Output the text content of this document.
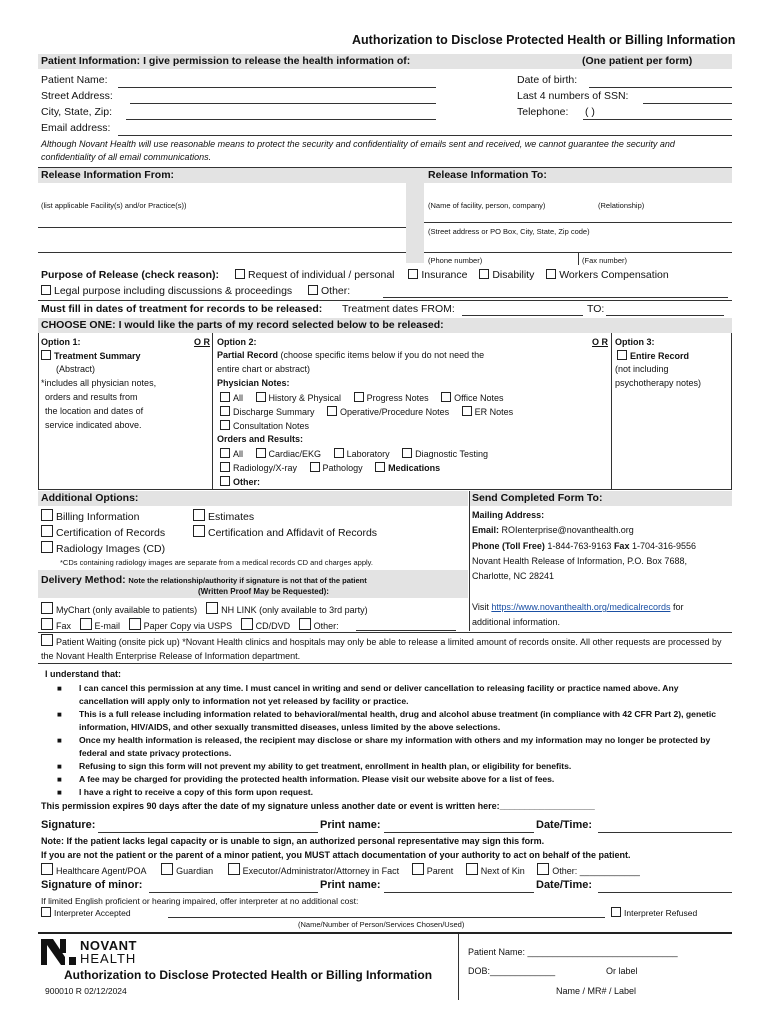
Authorization to Disclose Protected Health or Billing Information
Patient Information: I give permission to release the health information of:	(One patient per form)
Patient Name:
Street Address:
City, State, Zip:
Email address:
Date of birth:
Last 4 numbers of SSN:
Telephone: ( )
Although Novant Health will use reasonable means to protect the security and confidentiality of emails sent and received, we cannot guarantee the security and confidentiality of all email communications.
Release Information From:	Release Information To:
(list applicable Facility(s) and/or Practice(s))	(Name of facility, person, company)	(Relationship)
(Street address or PO Box, City, State, Zip code)
(Phone number)	(Fax number)
Purpose of Release (check reason):	Request of individual / personal	Insurance Disability Workers Compensation
Legal purpose including discussions & proceedings	Other:
Must fill in dates of treatment for records to be released: Treatment dates FROM:	TO:
CHOOSE ONE: I would like the parts of my record selected below to be released:
Option 1:
Treatment Summary
(Abstract)
*includes all physician notes,
orders and results from
the location and dates of
service indicated above.
O R	O R
Option 2:
Partial Record (choose specific items below if you do not need the
entire chart or abstract)
Physician Notes:
All	History & Physical	Progress Notes	Office Notes
Discharge Summary	Operative/Procedure Notes	ER Notes
Consultation Notes
Orders and Results:
All	Cardiac/EKG	Laboratory	Diagnostic Testing
Radiology/X-ray	Pathology	Medications
Other:
Option 3:
Entire Record
(not including
psychotherapy notes)
Additional Options:	Send Completed Form To:
Billing Information
Certification of Records
Radiology Images (CD)
Estimates
Certification and Affidavit of Records
*CDs containing radiology images are separate from a medical records CD and charges apply.
Mailing Address:
Email: ROIenterprise@novanthealth.org
Phone (Toll Free) 1-844-763-9163 Fax 1-704-316-9556
Novant Health Release of Information, P.O. Box 7688,
Charlotte, NC 28241
Visit https://www.novanthealth.org/medicalrecords for
additional information.
Delivery Method: Note the relationship/authority if signature is not that of the patient
(Written Proof May be Requested):
MyChart (only available to patients)	NH LINK (only available to 3rd party)
Fax	E-mail	Paper Copy via USPS	CD/DVD	Other:
Patient Waiting (onsite pick up) *Novant Health clinics and hospitals may only be able to release a limited amount of records onsite. All other requests are processed by the Novant Health Enterprise Release of Information department.
I understand that:
■ I can cancel this permission at any time. I must cancel in writing and send or deliver cancellation to releasing facility or practice named above. Any cancellation will apply only to information not yet released by facility or practice.
■ This is a full release including information related to behavioral/mental health, drug and alcohol abuse treatment (in compliance with 42 CFR Part 2), genetic information, HIV/AIDS, and other sexually transmitted diseases, unless limited by the above selections.
■ Once my health information is released, the recipient may disclose or share my information with others and my information may no longer be protected by federal and state privacy protections.
■ Refusing to sign this form will not prevent my ability to get treatment, enrollment in health plan, or eligibility for benefits.
■ A fee may be charged for providing the protected health information. Please visit our website above for a list of fees.
■ I have a right to receive a copy of this form upon request.
This permission expires 90 days after the date of my signature unless another date or event is written here:___________________
Signature:	Print name:	Date/Time:
Note: If the patient lacks legal capacity or is unable to sign, an authorized personal representative may sign this form.
If you are not the patient or the parent of a minor patient, you MUST attach documentation of your authority to act on behalf of the patient.
Healthcare Agent/POA	Guardian	Executor/Administrator/Attorney in Fact	Parent	Next of Kin	Other: ____________
Signature of minor:	Print name:	Date/Time:
If limited English proficient or hearing impaired, offer interpreter at no additional cost:
Interpreter Accepted	Interpreter Refused
(Name/Number of Person/Services Chosen/Used)
NOVANT
HEALTH
Authorization to Disclose Protected Health or Billing Information
900010 R 02/12/2024
Patient Name: ______________________________
DOB:_____________	Or label
Name / MR# / Label
